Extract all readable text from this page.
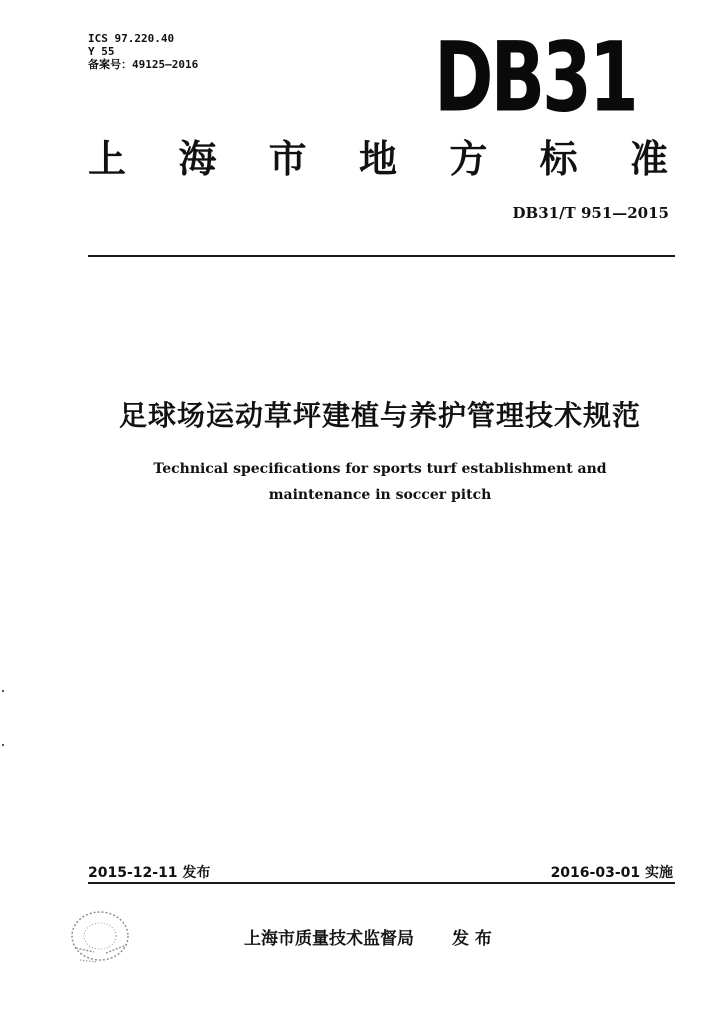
ICS 97.220.40
Y 55
备案号：49125—2016	DB31
上 海 市 地 方 标 准
DB31/T 951—2015
足球场运动草坪建植与养护管理技术规范
Technical specifications for sports turf establishment and
maintenance in soccer pitch
2015-12-11 发布	2016-03-01 实施
上海市质量技术监督局 发 布
